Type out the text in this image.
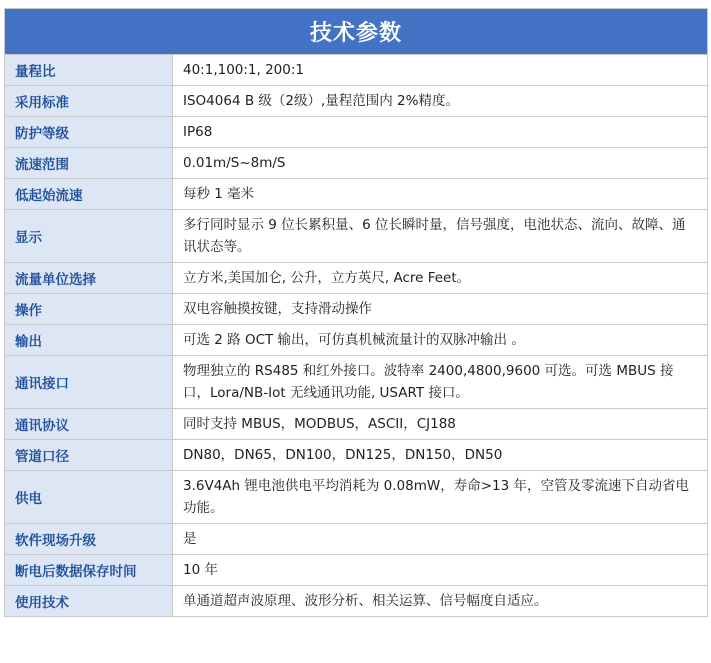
技术参数	
量程比	40:1,100:1, 200:1
采用标准	ISO4064 B 级（2级）,量程范围内 2%精度。
防护等级	IP68
流速范围	0.01m/S~8m/S
低起始流速	每秒 1 毫米
显示	多行同时显示 9 位长累积量、6 位长瞬时量，信号强度，电池状态、流向、故障、通讯状态等。
流量单位选择	立方米,美国加仑, 公升，立方英尺, Acre Feet。
操作	双电容触摸按键，支持滑动操作
输出	可选 2 路 OCT 输出，可仿真机械流量计的双脉冲输出 。
通讯接口	物理独立的 RS485 和红外接口。波特率 2400,4800,9600 可选。可选 MBUS 接口，Lora/NB-Iot 无线通讯功能, USART 接口。
通讯协议	同时支持 MBUS，MODBUS，ASCII，CJ188
管道口径	DN80，DN65，DN100，DN125，DN150，DN50
供电	3.6V4Ah 锂电池供电平均消耗为 0.08mW，寿命>13 年，空管及零流速下自动省电功能。
软件现场升级	是
断电后数据保存时间	10 年
使用技术	单通道超声波原理、波形分析、相关运算、信号幅度自适应。
